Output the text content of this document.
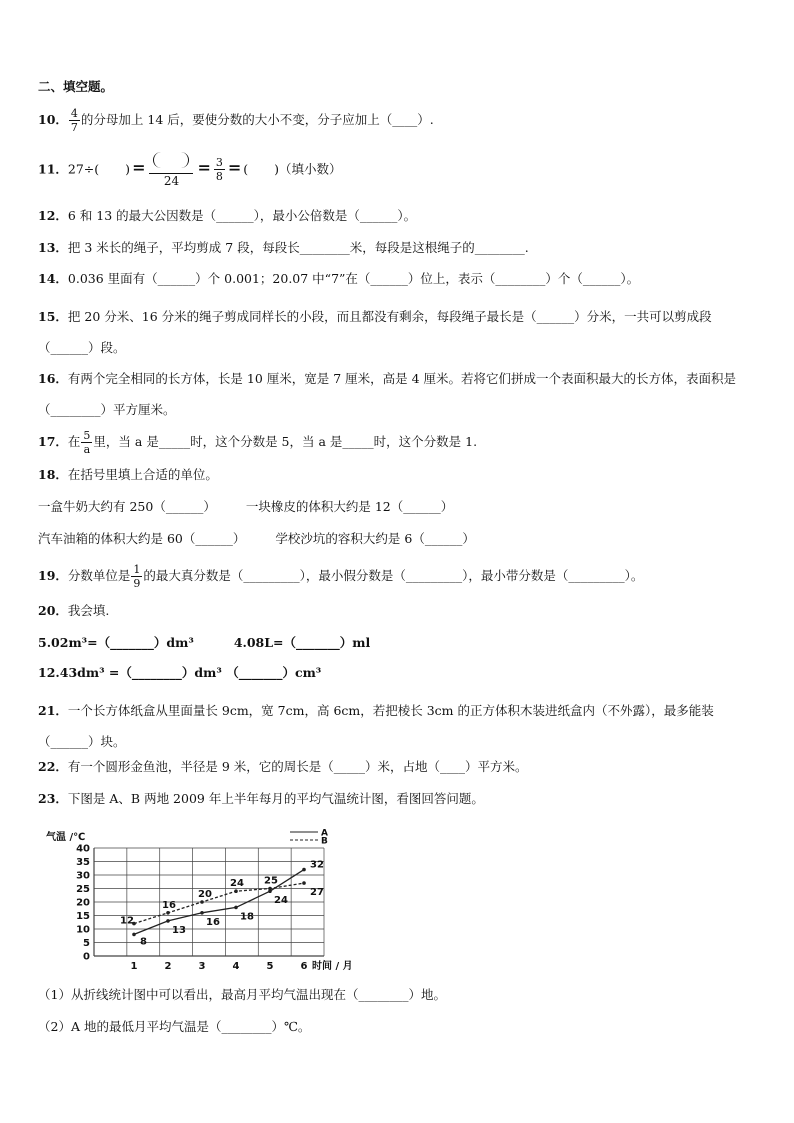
二、填空题。
10． $\frac{4}{7}$ 的分母加上 14 后，要使分数的大小不变，分子应加上（____）.
11．27÷( ) =
24
= $\frac{3}{8}$ = ( )（填小数）
12．6 和 13 的最大公因数是（______），最小公倍数是（______）。
13．把 3 米长的绳子，平均剪成 7 段，每段长________米，每段是这根绳子的________.
14．0.036 里面有（______）个 0.001；20.07 中“7”在（______）位上，表示（________）个（______）。
15．把 20 分米、16 分米的绳子剪成同样长的小段，而且都没有剩余，每段绳子最长是（______）分米，一共可以剪成段（______）段。
16．有两个完全相同的长方体，长是 10 厘米，宽是 7 厘米，高是 4 厘米。若将它们拼成一个表面积最大的长方体，表面积是（________）平方厘米。
17．在 $\frac{5}{a}$ 里，当 a 是_____时，这个分数是 5，当 a 是_____时，这个分数是 1.
18．在括号里填上合适的单位。
一盒牛奶大约有 250（______） 一块橡皮的体积大约是 12（______）
汽车油箱的体积大约是 60（______） 学校沙坑的容积大约是 6（______）
19．分数单位是 $\frac{1}{9}$ 的最大真分数是（_________），最小假分数是（_________），最小带分数是（_________）。
20．我会填.
5.02m³=（_______）dm³	4.08L=（_______）ml
12.43dm³ =（________）dm³ （_______）cm³
21．一个长方体纸盒从里面量长 9cm，宽 7cm，高 6cm，若把棱长 3cm 的正方体积木装进纸盒内（不外露），最多能装（______）块。
22．有一个圆形金鱼池，半径是 9 米，它的周长是（_____）米，占地（____）平方米。
23．下图是 A、B 两地 2009 年上半年每月的平均气温统计图，看图回答问题。
0
5
10
15
20
25
30
35
40
1	2	3	4	5	6
气温 /℃
时间 / 月
8
13
16 18
24
32
12
16
20
24 25
27
A
B
（1）从折线统计图中可以看出，最高月平均气温出现在（________）地。
（2）A 地的最低月平均气温是（________）℃。
